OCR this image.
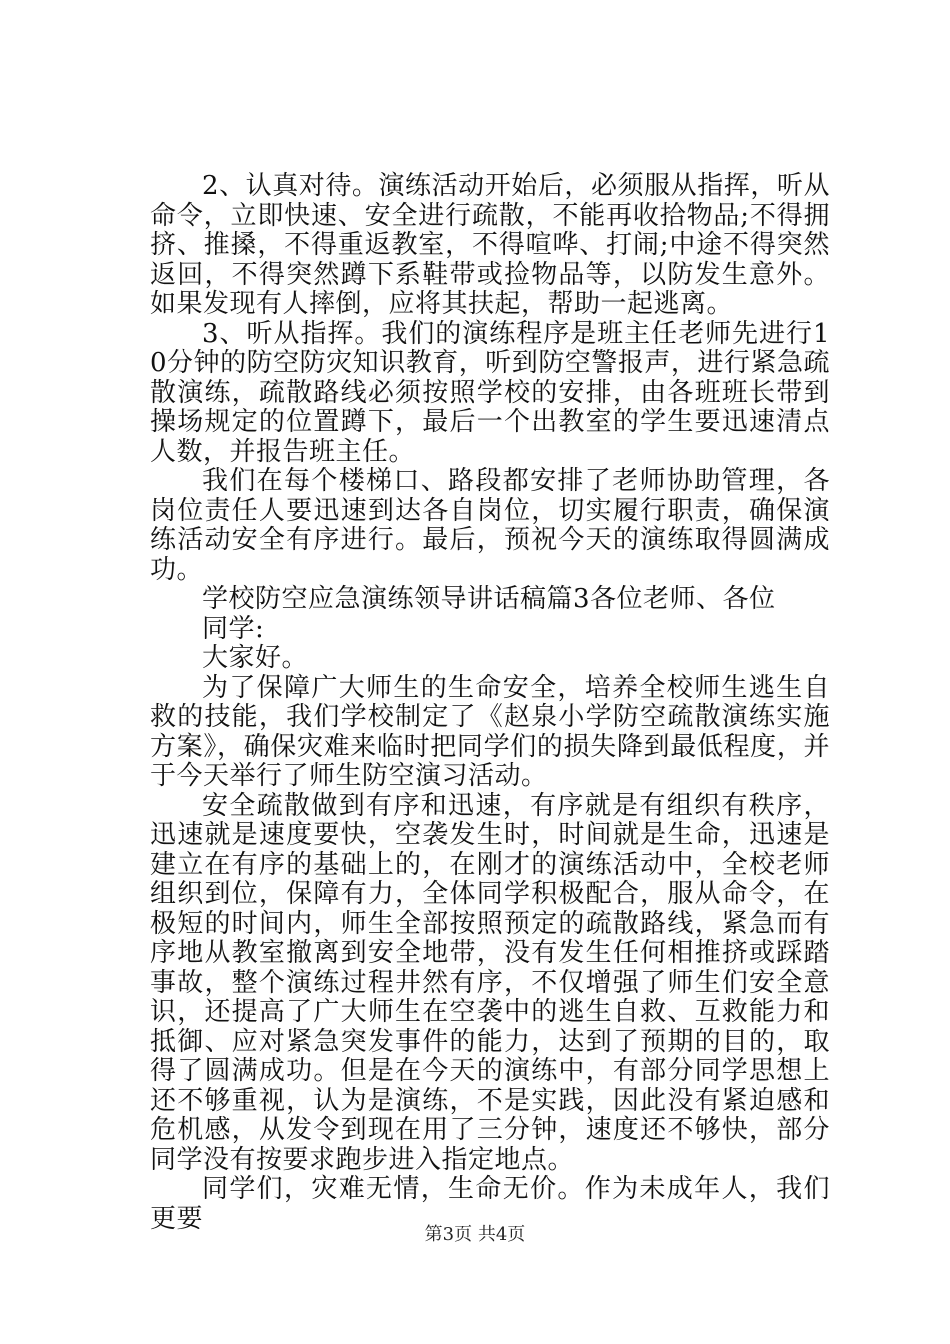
2、认真对待。演练活动开始后，必须服从指挥，听从命令，立即快速、安全进行疏散，不能再收拾物品;不得拥挤、推搡，不得重返教室，不得喧哗、打闹;中途不得突然返回，不得突然蹲下系鞋带或捡物品等，以防发生意外。如果发现有人摔倒，应将其扶起，帮助一起逃离。

3、听从指挥。我们的演练程序是班主任老师先进行10分钟的防空防灾知识教育，听到防空警报声，进行紧急疏散演练，疏散路线必须按照学校的安排，由各班班长带到操场规定的位置蹲下，最后一个出教室的学生要迅速清点人数，并报告班主任。

我们在每个楼梯口、路段都安排了老师协助管理，各岗位责任人要迅速到达各自岗位，切实履行职责，确保演练活动安全有序进行。最后，预祝今天的演练取得圆满成功。

学校防空应急演练领导讲话稿篇3各位老师、各位

同学:

大家好。

为了保障广大师生的生命安全，培养全校师生逃生自救的技能，我们学校制定了《赵泉小学防空疏散演练实施方案》，确保灾难来临时把同学们的损失降到最低程度，并于今天举行了师生防空演习活动。

安全疏散做到有序和迅速，有序就是有组织有秩序，迅速就是速度要快，空袭发生时，时间就是生命，迅速是建立在有序的基础上的，在刚才的演练活动中，全校老师组织到位，保障有力，全体同学积极配合，服从命令，在极短的时间内，师生全部按照预定的疏散路线，紧急而有序地从教室撤离到安全地带，没有发生任何相推挤或踩踏事故，整个演练过程井然有序，不仅增强了师生们安全意识，还提高了广大师生在空袭中的逃生自救、互救能力和抵御、应对紧急突发事件的能力，达到了预期的目的，取得了圆满成功。但是在今天的演练中，有部分同学思想上还不够重视，认为是演练，不是实践，因此没有紧迫感和危机感，从发令到现在用了三分钟，速度还不够快，部分同学没有按要求跑步进入指定地点。

同学们，灾难无情，生命无价。作为未成年人，我们更要

第3页 共4页
